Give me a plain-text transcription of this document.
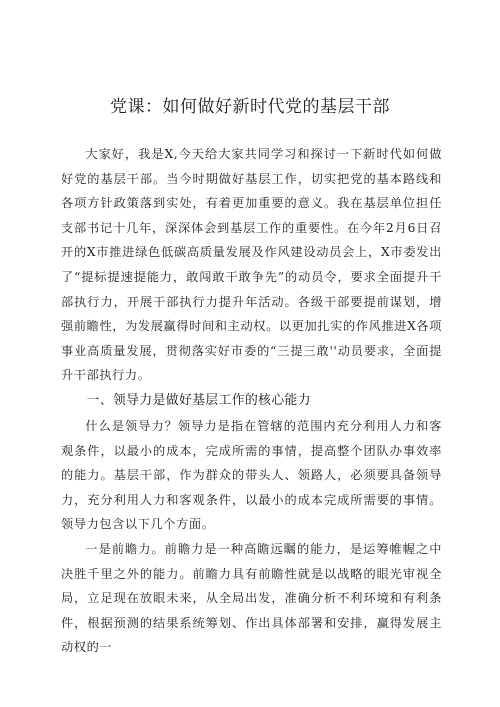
党课：如何做好新时代党的基层干部

大家好，我是X,今天给大家共同学习和探讨一下新时代如何做好党的基层干部。当今时期做好基层工作，切实把党的基本路线和各项方针政策落到实处，有着更加重要的意义。我在基层单位担任支部书记十几年，深深体会到基层工作的重要性。在今年2月6日召开的X市推进绿色低碳高质量发展及作风建设动员会上，X市委发出了“提标提速提能力，敢闯敢干敢争先”的动员令，要求全面提升干部执行力，开展干部执行力提升年活动。各级干部要提前谋划，增强前瞻性，为发展赢得时间和主动权。以更加扎实的作风推进X各项事业高质量发展，贯彻落实好市委的“三提三敢''动员要求，全面提升干部执行力。

一、领导力是做好基层工作的核心能力

什么是领导力？领导力是指在管辖的范围内充分利用人力和客观条件，以最小的成本，完成所需的事情，提高整个团队办事效率的能力。基层干部，作为群众的带头人、领路人，必须要具备领导力，充分利用人力和客观条件，以最小的成本完成所需要的事情。领导力包含以下几个方面。

一是前瞻力。前瞻力是一种高瞻远瞩的能力，是运筹帷幄之中决胜千里之外的能力。前瞻力具有前瞻性就是以战略的眼光审视全局，立足现在放眼未来，从全局出发，准确分析不利环境和有利条件，根据预测的结果系统筹划、作出具体部署和安排，赢得发展主动权的一
